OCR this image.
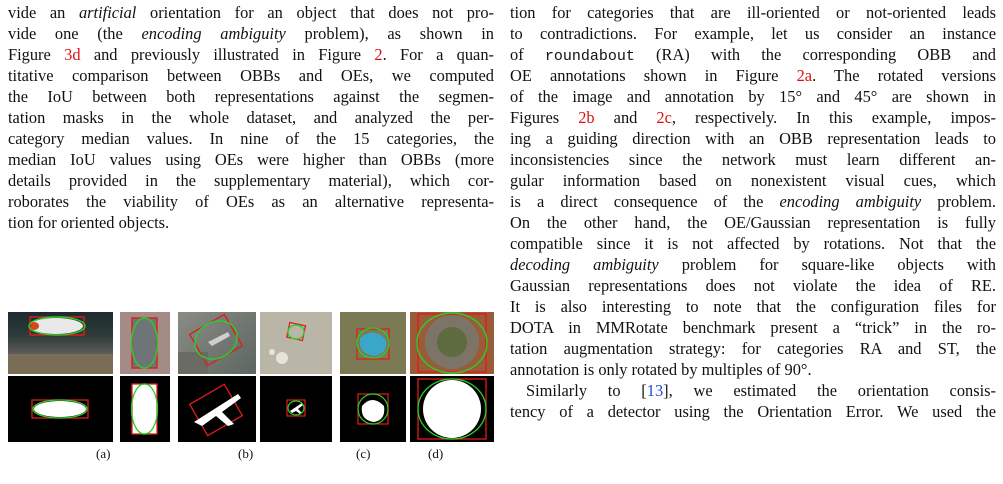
vide an artificial orientation for an object that does not pro-
vide one (the encoding ambiguity problem), as shown in
Figure 3d and previously illustrated in Figure 2. For a quan-
titative comparison between OBBs and OEs, we computed
the IoU between both representations against the segmen-
tation masks in the whole dataset, and analyzed the per-
category median values. In nine of the 15 categories, the
median IoU values using OEs were higher than OBBs (more
details provided in the supplementary material), which cor-
roborates the viability of OEs as an alternative representa-
tion for oriented objects.
tion for categories that are ill-oriented or not-oriented leads
to contradictions. For example, let us consider an instance
of roundabout (RA) with the corresponding OBB and
OE annotations shown in Figure 2a. The rotated versions
of the image and annotation by 15° and 45° are shown in
Figures 2b and 2c, respectively. In this example, impos-
ing a guiding direction with an OBB representation leads to
inconsistencies since the network must learn different an-
gular information based on nonexistent visual cues, which
is a direct consequence of the encoding ambiguity problem.
On the other hand, the OE/Gaussian representation is fully
compatible since it is not affected by rotations. Not that the
decoding ambiguity problem for square-like objects with
Gaussian representations does not violate the idea of RE.
It is also interesting to note that the configuration files for
DOTA in MMRotate benchmark present a “trick” in the ro-
tation augmentation strategy: for categories RA and ST, the
annotation is only rotated by multiples of 90°.
Similarly to [13], we estimated the orientation consis-
tency of a detector using the Orientation Error. We used the
(a)	(b)	(c)	(d)
